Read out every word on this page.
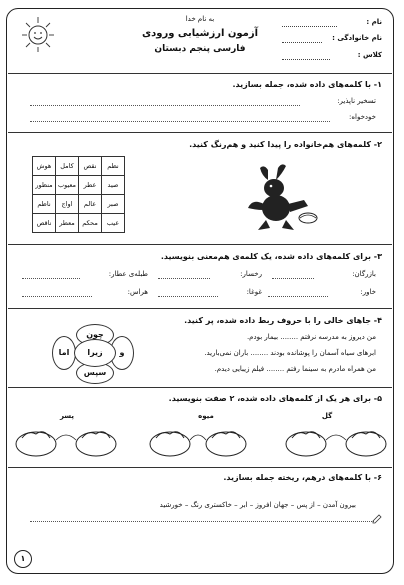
به نام خدا
آزمون ارزشیابی ورودی
فارسی پنجم دبستان
نام :
نام خانوادگی :
کلاس :
۱- با کلمه‌های داده شده، جمله بسازید.
تسخیر ناپذیر:
خودخواه:
۲- کلمه‌های هم‌خانواده را پیدا کنید و هم‌رنگ کنید.
نظم	نقص	کامل	هوش
صید	عطر	معیوب	منظور
صبر	عالم	اواج	ناظم
عیب	محکم	معطر	ناقص
۳- برای کلمه‌های داده شده، یک کلمه‌ی هم‌معنی بنویسید.
بازرگان:
رخسار:
طبله‌ی عطار:
خاور:
غوغا:
هراس:
۴- جاهای خالی را با حروف ربط داده شده، پر کنید.
چون
اما	و
سپس
زیرا
من دیروز به مدرسه نرفتم ........ بیمار بودم.
ابرهای سیاه آسمان را پوشانده بودند ........ باران نمی‌بارید.
من همراه مادرم به سینما رفتم ........ فیلم زیبایی دیدم.
۵- برای هر یک از کلمه‌های داده شده، ۲ صفت بنویسید.
گل
میوه
پسر
۶- با کلمه‌های درهم، ریخته جمله بسازید.
بیرون آمدن – از پس – جهان افروز – ابر – خاکستری رنگ – خورشید
۱
